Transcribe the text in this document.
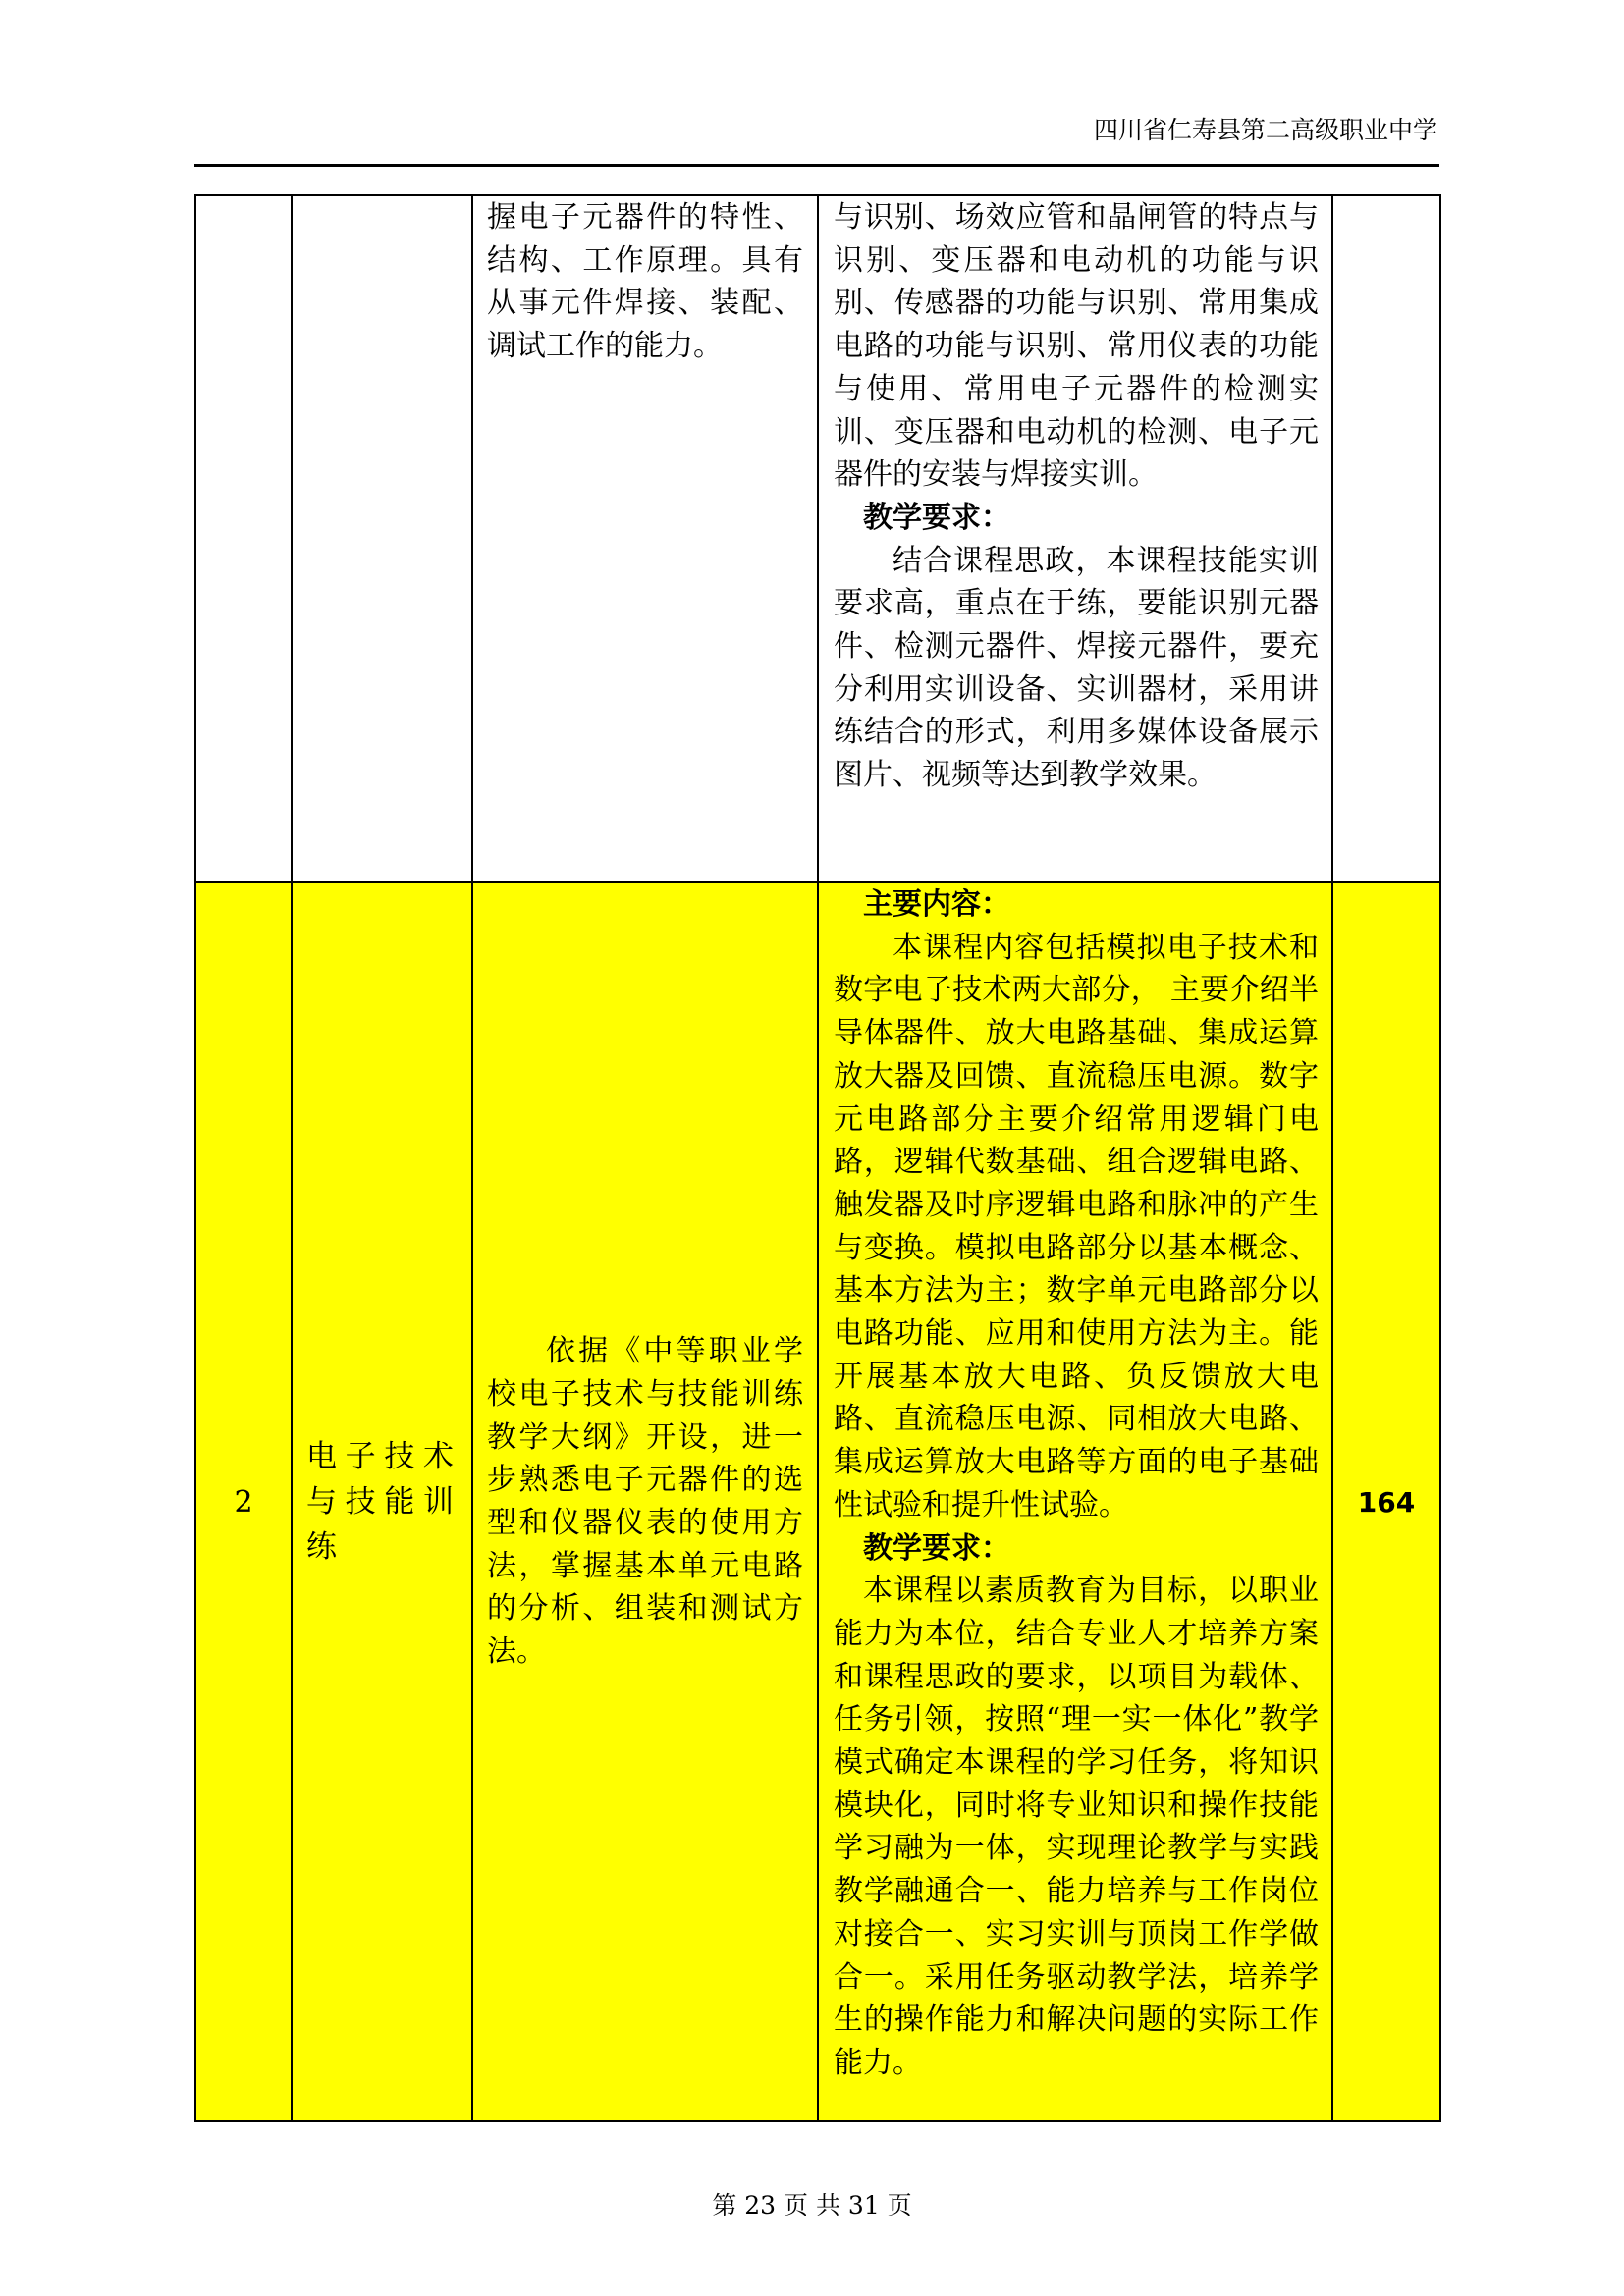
四川省仁寿县第二高级职业中学

		握电子元器件的特性、结构、工作原理。具有从事元件焊接、装配、调试工作的能力。	与识别、场效应管和晶闸管的特点与识别、变压器和电动机的功能与识别、传感器的功能与识别、常用集成电路的功能与识别、常用仪表的功能与使用、常用电子元器件的检测实训、变压器和电动机的检测、电子元器件的安装与焊接实训。
教学要求：
结合课程思政，本课程技能实训要求高，重点在于练，要能识别元器件、检测元器件、焊接元器件，要充分利用实训设备、实训器材，采用讲练结合的形式，利用多媒体设备展示图片、视频等达到教学效果。	

2	电子技术与技能训练	依据《中等职业学校电子技术与技能训练教学大纲》开设，进一步熟悉电子元器件的选型和仪器仪表的使用方法，掌握基本单元电路的分析、组装和测试方法。	主要内容：
本课程内容包括模拟电子技术和数字电子技术两大部分， 主要介绍半导体器件、放大电路基础、集成运算放大器及回馈、直流稳压电源。数字元电路部分主要介绍常用逻辑门电路，逻辑代数基础、组合逻辑电路、触发器及时序逻辑电路和脉冲的产生与变换。模拟电路部分以基本概念、基本方法为主；数字单元电路部分以电路功能、应用和使用方法为主。能开展基本放大电路、负反馈放大电路、直流稳压电源、同相放大电路、集成运算放大电路等方面的电子基础性试验和提升性试验。
教学要求：
本课程以素质教育为目标，以职业能力为本位，结合专业人才培养方案和课程思政的要求，以项目为载体、任务引领，按照“理一实一体化”教学模式确定本课程的学习任务，将知识模块化，同时将专业知识和操作技能学习融为一体，实现理论教学与实践教学融通合一、能力培养与工作岗位对接合一、实习实训与顶岗工作学做合一。采用任务驱动教学法，培养学生的操作能力和解决问题的实际工作能力。	164
第 23 页 共 31 页
